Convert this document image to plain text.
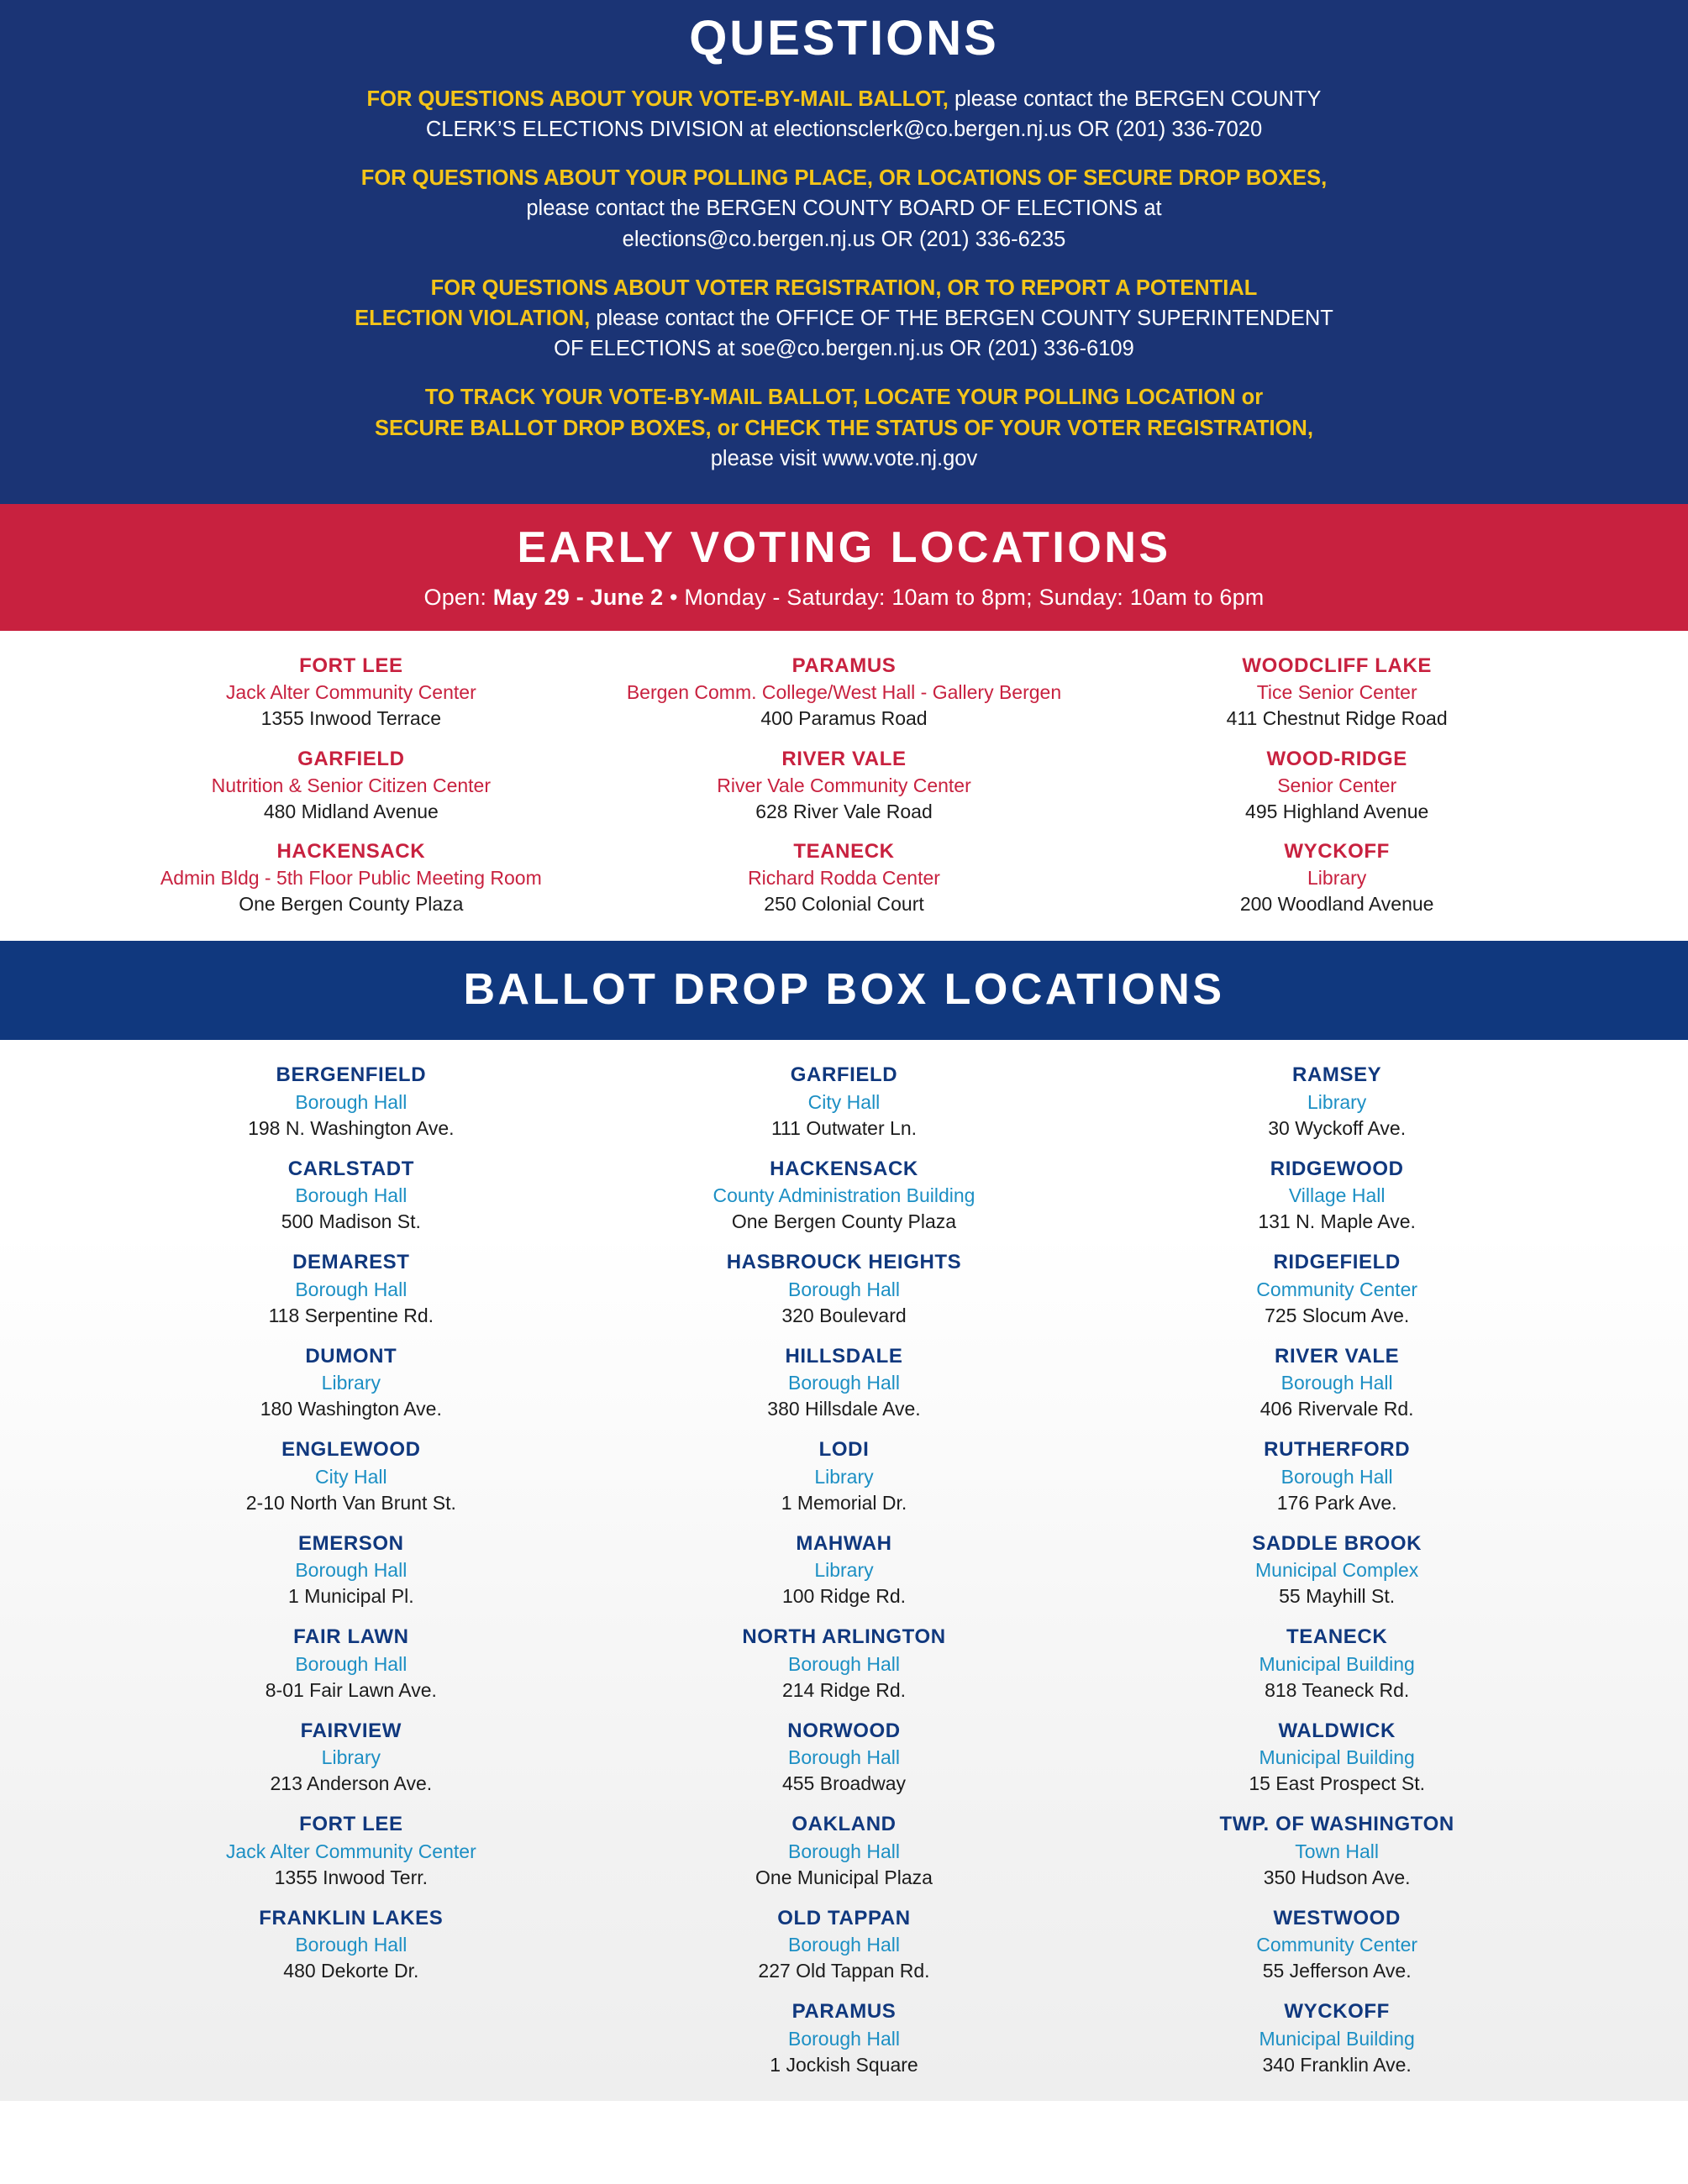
QUESTIONS
FOR QUESTIONS ABOUT YOUR VOTE-BY-MAIL BALLOT, please contact the BERGEN COUNTY
CLERK’S ELECTIONS DIVISION at electionsclerk@co.bergen.nj.us OR (201) 336-7020
FOR QUESTIONS ABOUT YOUR POLLING PLACE, OR LOCATIONS OF SECURE DROP BOXES,
please contact the BERGEN COUNTY BOARD OF ELECTIONS at
elections@co.bergen.nj.us OR (201) 336-6235
FOR QUESTIONS ABOUT VOTER REGISTRATION, OR TO REPORT A POTENTIAL
ELECTION VIOLATION, please contact the OFFICE OF THE BERGEN COUNTY SUPERINTENDENT
OF ELECTIONS at soe@co.bergen.nj.us OR (201) 336-6109
TO TRACK YOUR VOTE-BY-MAIL BALLOT, LOCATE YOUR POLLING LOCATION or
SECURE BALLOT DROP BOXES, or CHECK THE STATUS OF YOUR VOTER REGISTRATION,
please visit www.vote.nj.gov
EARLY VOTING LOCATIONS
Open: May 29 - June 2 • Monday - Saturday: 10am to 8pm; Sunday: 10am to 6pm
FORT LEE
Jack Alter Community Center
1355 Inwood Terrace
GARFIELD
Nutrition & Senior Citizen Center
480 Midland Avenue
HACKENSACK
Admin Bldg - 5th Floor Public Meeting Room
One Bergen County Plaza
PARAMUS
Bergen Comm. College/West Hall - Gallery Bergen
400 Paramus Road
RIVER VALE
River Vale Community Center
628 River Vale Road
TEANECK
Richard Rodda Center
250 Colonial Court
WOODCLIFF LAKE
Tice Senior Center
411 Chestnut Ridge Road
WOOD-RIDGE
Senior Center
495 Highland Avenue
WYCKOFF
Library
200 Woodland Avenue
BALLOT DROP BOX LOCATIONS
BERGENFIELD
Borough Hall
198 N. Washington Ave.
CARLSTADT
Borough Hall
500 Madison St.
DEMAREST
Borough Hall
118 Serpentine Rd.
DUMONT
Library
180 Washington Ave.
ENGLEWOOD
City Hall
2-10 North Van Brunt St.
EMERSON
Borough Hall
1 Municipal Pl.
FAIR LAWN
Borough Hall
8-01 Fair Lawn Ave.
FAIRVIEW
Library
213 Anderson Ave.
FORT LEE
Jack Alter Community Center
1355 Inwood Terr.
FRANKLIN LAKES
Borough Hall
480 Dekorte Dr.
GARFIELD
City Hall
111 Outwater Ln.
HACKENSACK
County Administration Building
One Bergen County Plaza
HASBROUCK HEIGHTS
Borough Hall
320 Boulevard
HILLSDALE
Borough Hall
380 Hillsdale Ave.
LODI
Library
1 Memorial Dr.
MAHWAH
Library
100 Ridge Rd.
NORTH ARLINGTON
Borough Hall
214 Ridge Rd.
NORWOOD
Borough Hall
455 Broadway
OAKLAND
Borough Hall
One Municipal Plaza
OLD TAPPAN
Borough Hall
227 Old Tappan Rd.
PARAMUS
Borough Hall
1 Jockish Square
RAMSEY
Library
30 Wyckoff Ave.
RIDGEWOOD
Village Hall
131 N. Maple Ave.
RIDGEFIELD
Community Center
725 Slocum Ave.
RIVER VALE
Borough Hall
406 Rivervale Rd.
RUTHERFORD
Borough Hall
176 Park Ave.
SADDLE BROOK
Municipal Complex
55 Mayhill St.
TEANECK
Municipal Building
818 Teaneck Rd.
WALDWICK
Municipal Building
15 East Prospect St.
TWP. OF WASHINGTON
Town Hall
350 Hudson Ave.
WESTWOOD
Community Center
55 Jefferson Ave.
WYCKOFF
Municipal Building
340 Franklin Ave.
